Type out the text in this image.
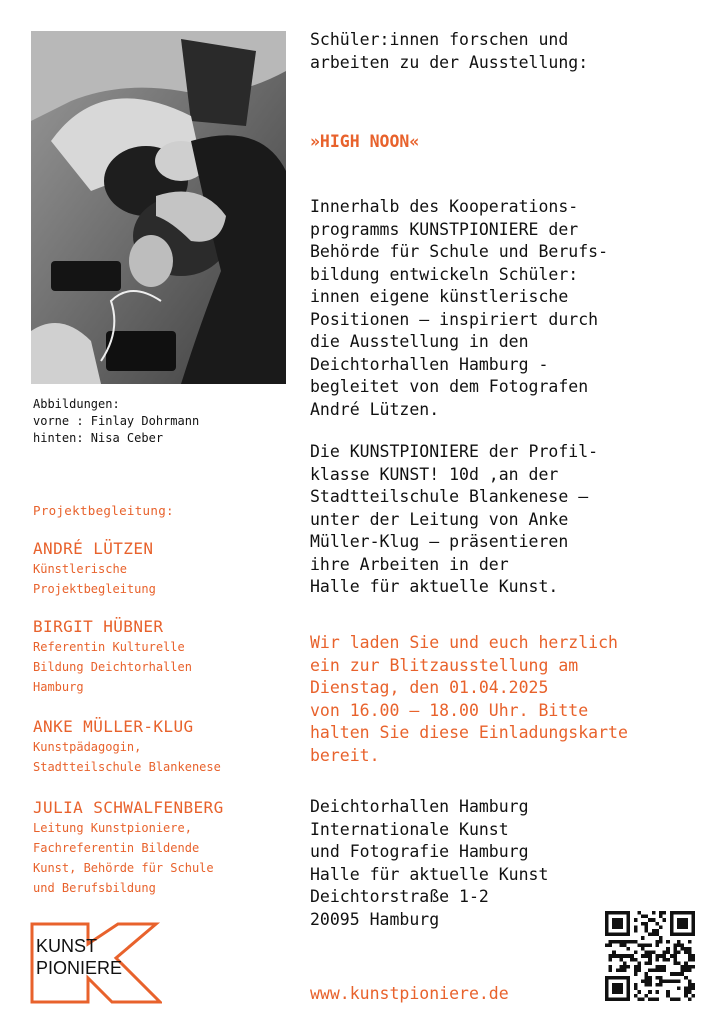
Abbildungen:
vorne : Finlay Dohrmann
hinten: Nisa Ceber
Projektbegleitung:
ANDRÉ LÜTZEN
Künstlerische
Projektbegleitung
BIRGIT HÜBNER
Referentin Kulturelle
Bildung Deichtorhallen
Hamburg
ANKE MÜLLER-KLUG
Kunstpädagogin,
Stadtteilschule Blankenese
JULIA SCHWALFENBERG
Leitung Kunstpioniere,
Fachreferentin Bildende
Kunst, Behörde für Schule
und Berufsbildung
Schüler:innen forschen und
arbeiten zu der Ausstellung:
»HIGH NOON«
Innerhalb des Kooperations-
programms KUNSTPIONIERE der
Behörde für Schule und Berufs-
bildung entwickeln Schüler:
innen eigene künstlerische
Positionen – inspiriert durch
die Ausstellung in den
Deichtorhallen Hamburg -
begleitet von dem Fotografen
André Lützen.
Die KUNSTPIONIERE der Profil-
klasse KUNST! 10d ,an der
Stadtteilschule Blankenese –
unter der Leitung von Anke
Müller-Klug – präsentieren
ihre Arbeiten in der
Halle für aktuelle Kunst.
Wir laden Sie und euch herzlich
ein zur Blitzausstellung am
Dienstag, den 01.04.2025
von 16.00 – 18.00 Uhr. Bitte
halten Sie diese Einladungskarte
bereit.
Deichtorhallen Hamburg
Internationale Kunst
und Fotografie Hamburg
Halle für aktuelle Kunst
Deichtorstraße 1-2
20095 Hamburg
www.kunstpioniere.de
KUNST
PIONIERE
